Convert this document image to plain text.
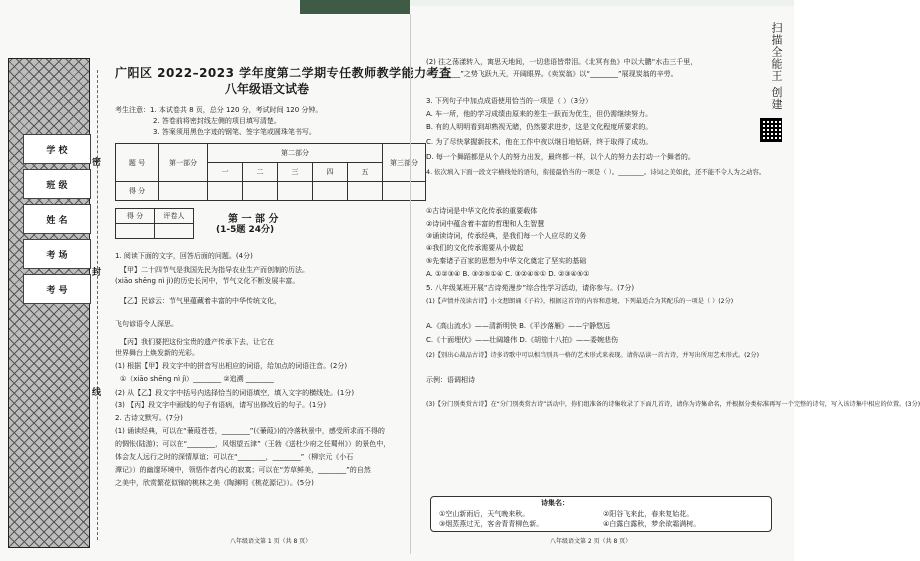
学 校
班 级
姓 名
考 场
考 号
密
封
线
广阳区 2022–2023 学年度第二学期专任教师教学能力考查
八年级语文试卷
考生注意：1. 本试卷共 8 页，总分 120 分，考试时间 120 分钟。
2. 答卷前将密封线左侧的项目填写清楚。
3. 答案须用黑色字迹的钢笔、签字笔或圆珠笔书写。
题 号	第一部分	第二部分					第三部分
		一	二	三	四	五	
得 分							
得 分	评卷人
		第 一 部 分
(1-5题 24分)
1. 阅读下面的文字，回答后面的问题。(4分)
【甲】二十四节气是我国先民为指导农业生产而创制的历法。
(xiāo shēng nì jì)的历史长河中，节气文化不断发展丰富。
【乙】民谚云：节气里蕴藏着丰富的中华传统文化，
飞句谚语令人深思。
【丙】我们要把这份宝贵的遗产传承下去，让它在
世界舞台上焕发新的光彩。
(1) 根据【甲】段文字中的拼音写出相应的词语，给加点的词语注音。(2分)
①（xiāo shēng nì jì）________ ②追溯 ________
(2) 从【乙】段文字中括号内选择恰当的词语填空，填入文字的横线处。(1分)
(3) 【丙】段文字中画线的句子有语病，请写出修改后的句子。(1分)
2. 古诗文默写。(7分)
(1) 诵读经典，可以在“蒹葭苍苍，________”(《蒹葭》)的冷落秋景中，感受所求而不得的
的惆怅(陆游)；可以在“________，风烟望五津”（王勃《送杜少府之任蜀州》）的景色中，
体会友人远行之时的深情厚谊；可以在“________，________”（柳宗元《小石
潭记》）的幽邃环境中，领悟作者内心的寂寞；可以在“芳草鲜美，________”的自然
之美中，欣赏繁花似锦的桃林之美（陶渊明《桃花源记》）。(5分)
八年级语文第 1 页（共 8 页）
(2) 往之荡漾转入，寓思天地间，一切悲语皆带泪。《北冥有鱼》中以大鹏“水击三千里，
③________”之势飞跃九天，开阔眼界。《卖炭翁》以“________”展现炭翁的辛劳。
3. 下列句子中加点成语使用恰当的一项是（ ）（3分）
A. 车一所，他的学习成绩由原来的差生一跃而为优生，但仍需继续努力。
B. 有的人明明看到却熟视无睹，仍然要求进步，这是文化程度所要求的。
C. 为了尽快掌握新技术，他在工作中夜以继日地钻研，终于取得了成功。
D. 每一个舞蹈都是从个人的努力出发，最终都一样，以个人的努力去打动一个舞者的。
4. 依次填入下面一段文字横线处的语句，衔接最恰当的一项是（ ）。________。诗词之美如此，还不能不令人为之动容。
①古诗词是中华文化传承的重要载体
②诗词中蕴含着丰富的哲理和人生智慧
③诵读诗词，传承经典，是我们每一个人应尽的义务
④我们的文化传承需要从小做起
⑤先秦诸子百家的思想为中华文化奠定了坚实的基础
A. ①②③④ B. ③②⑤①④ C. ③②④⑤① D. ②③④⑤①
5. 八年级某班开展“古诗苑漫步”综合性学习活动，请你参与。(7分)
(1)【声情并茂读古诗】小文想朗诵《子衿》，根据这首诗的内容和意境，下列最适合为其配乐的一项是（ ）(2分)
A.《高山流水》——清新明快 B.《平沙落雁》——宁静悠远
C.《十面埋伏》——壮阔雄伟 D.《胡笳十八拍》——委婉悲伤
(2)【别出心裁品古诗】诗多诗歌中可以相当别具一格的艺术形式来表现。请你品读一首古诗，并写出所用艺术形式。(2分)
示例：语调相诗
(3)【分门别类赏古诗】在“分门别类赏古诗”活动中，你们组准备的诗集收录了下面几首诗，请你为诗集命名，并根据分类标准再写一个完整的诗句，写入该诗集中相应的位置。(3分)
诗集名：
①空山新雨后，天气晚来秋。	②阳谷飞来此，春来复始花。
③烟蒸燕过无，客舍青青柳色新。	④白露白露秋，梦余欲霜满树。
八年级语文第 2 页（共 8 页）
扫描全能王 创建
